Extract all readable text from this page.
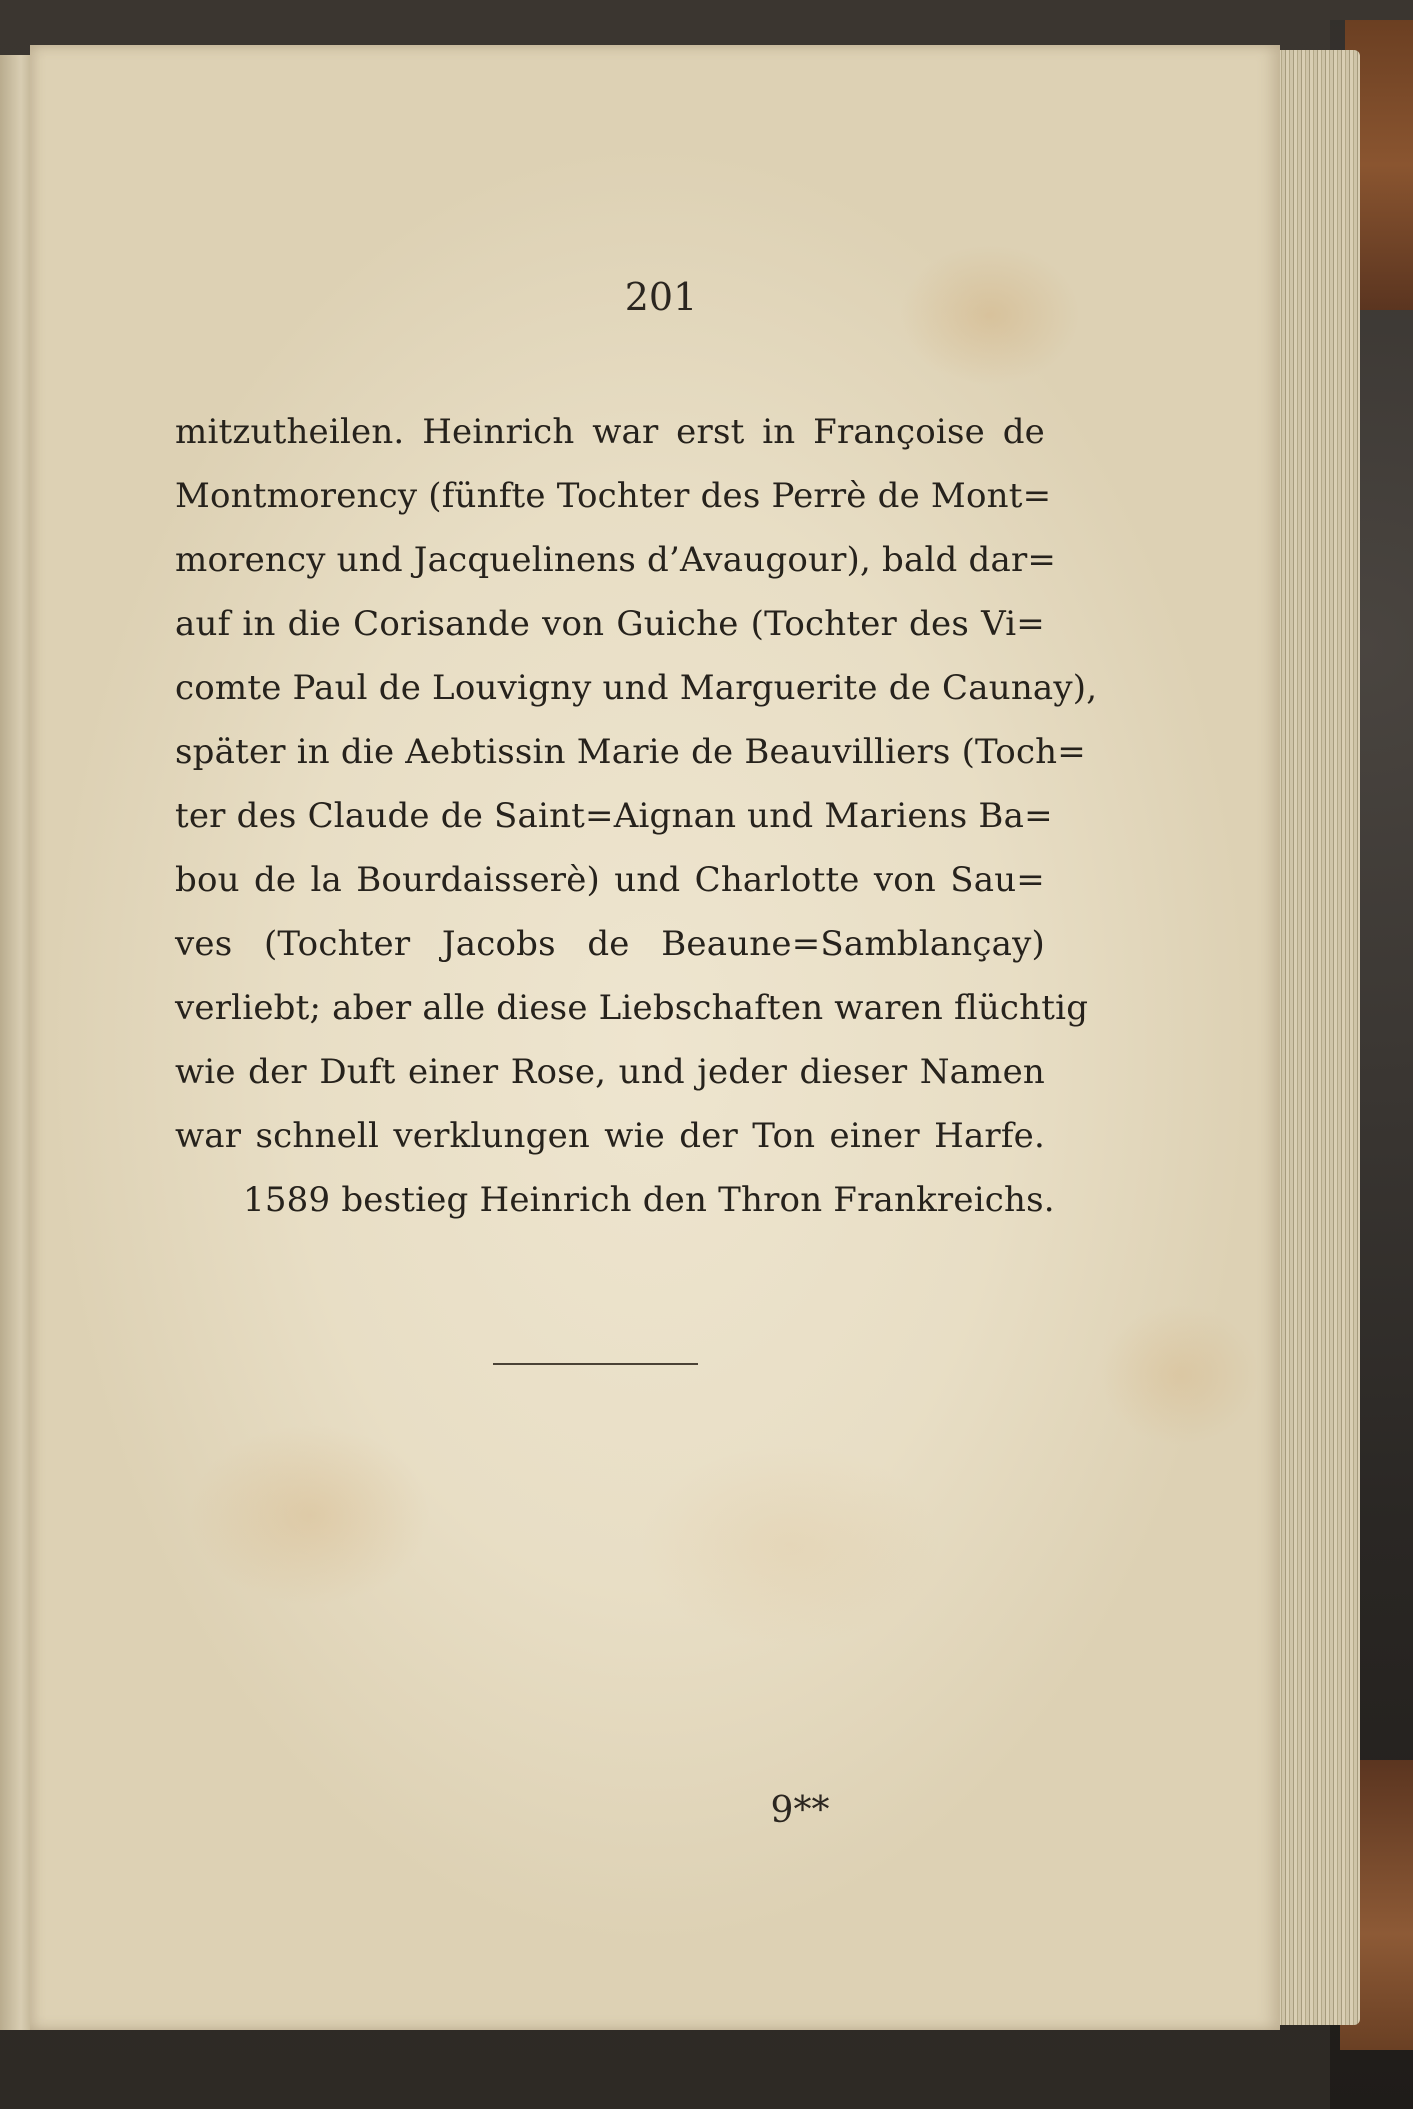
201
mitzutheilen. Heinrich war erst in Françoise de
Montmorency (fünfte Tochter des Perrè de Mont=
morency und Jacquelinens d’Avaugour), bald dar=
auf in die Corisande von Guiche (Tochter des Vi=
comte Paul de Louvigny und Marguerite de Caunay),
später in die Aebtissin Marie de Beauvilliers (Toch=
ter des Claude de Saint=Aignan und Mariens Ba=
bou de la Bourdaisserè) und Charlotte von Sau=
ves (Tochter Jacobs de Beaune=Samblançay)
verliebt; aber alle diese Liebschaften waren flüchtig
wie der Duft einer Rose, und jeder dieser Namen
war schnell verklungen wie der Ton einer Harfe.
1589 bestieg Heinrich den Thron Frankreichs.
9**
